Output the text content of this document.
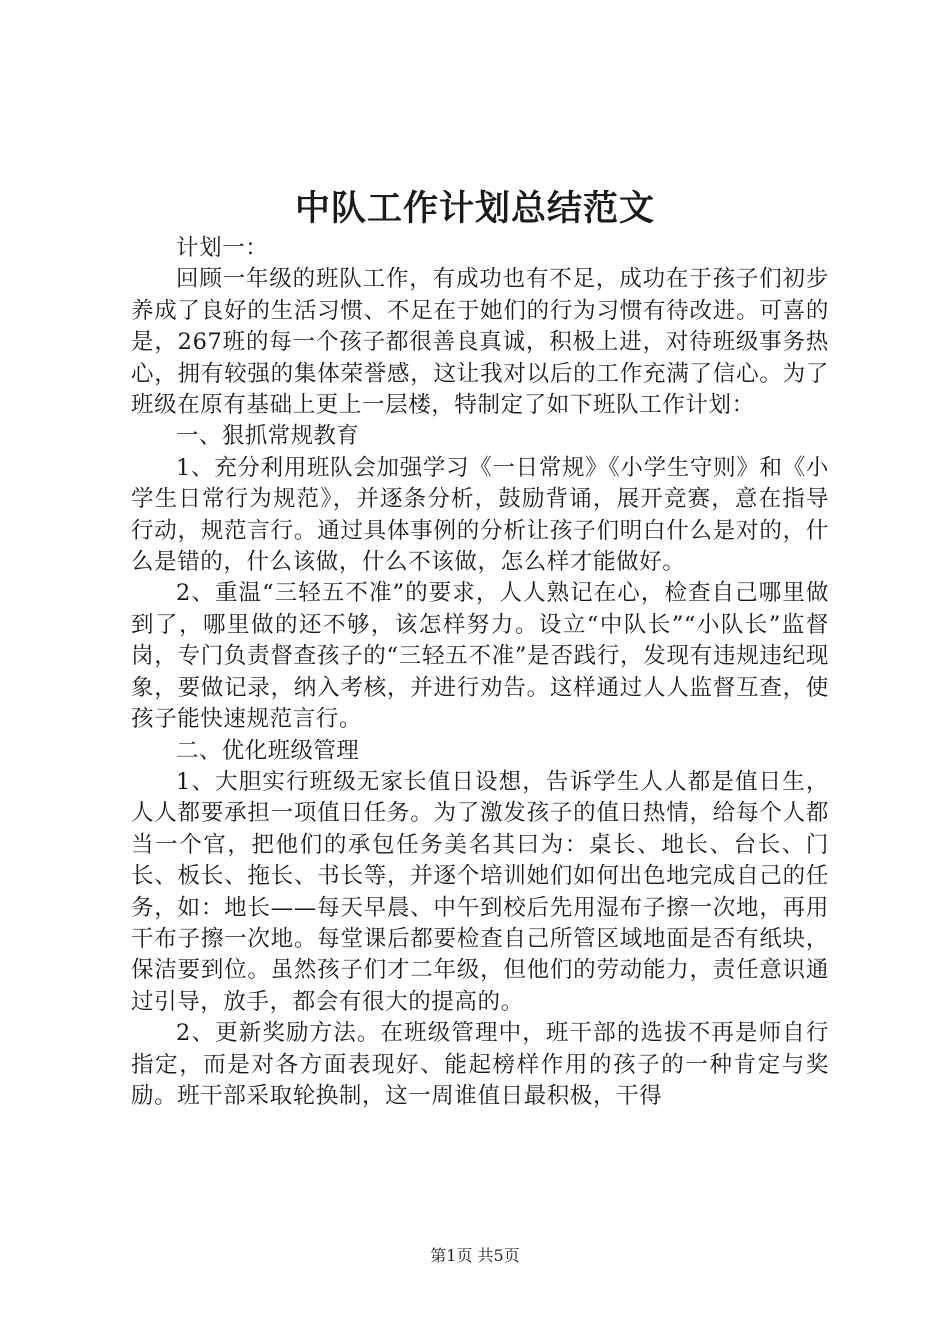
中队工作计划总结范文

计划一：

回顾一年级的班队工作，有成功也有不足，成功在于孩子们初步养成了良好的生活习惯、不足在于她们的行为习惯有待改进。可喜的是，267班的每一个孩子都很善良真诚，积极上进，对待班级事务热心，拥有较强的集体荣誉感，这让我对以后的工作充满了信心。为了班级在原有基础上更上一层楼，特制定了如下班队工作计划：

一、狠抓常规教育

1、充分利用班队会加强学习《一日常规》《小学生守则》和《小学生日常行为规范》，并逐条分析，鼓励背诵，展开竞赛，意在指导行动，规范言行。通过具体事例的分析让孩子们明白什么是对的，什么是错的，什么该做，什么不该做，怎么样才能做好。

2、重温“三轻五不准”的要求，人人熟记在心，检查自己哪里做到了，哪里做的还不够，该怎样努力。设立“中队长”“小队长”监督岗，专门负责督查孩子的“三轻五不准”是否践行，发现有违规违纪现象，要做记录，纳入考核，并进行劝告。这样通过人人监督互查，使孩子能快速规范言行。

二、优化班级管理

1、大胆实行班级无家长值日设想，告诉学生人人都是值日生，人人都要承担一项值日任务。为了激发孩子的值日热情，给每个人都当一个官，把他们的承包任务美名其曰为：桌长、地长、台长、门长、板长、拖长、书长等，并逐个培训她们如何出色地完成自己的任务，如：地长——每天早晨、中午到校后先用湿布子擦一次地，再用干布子擦一次地。每堂课后都要检查自己所管区域地面是否有纸块，保洁要到位。虽然孩子们才二年级，但他们的劳动能力，责任意识通过引导，放手，都会有很大的提高的。

2、更新奖励方法。在班级管理中，班干部的选拔不再是师自行指定，而是对各方面表现好、能起榜样作用的孩子的一种肯定与奖励。班干部采取轮换制，这一周谁值日最积极，干得

第1页 共5页
